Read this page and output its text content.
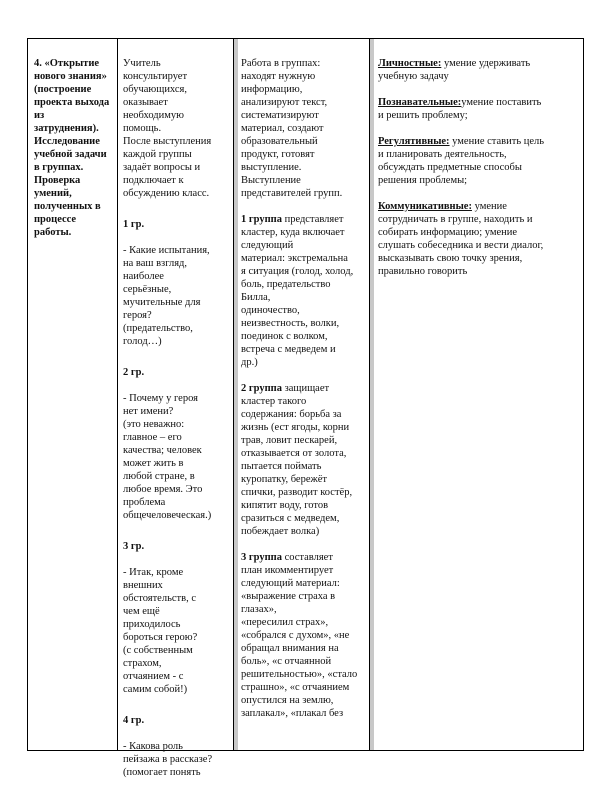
4. «Открытие
нового знания»
(построение
проекта выхода
из
затруднения).
Исследование
учебной задачи
в группах.
Проверка
умений,
полученных в
процессе
работы.

Учитель
консультирует
обучающихся,
оказывает
необходимую
помощь.
После выступления
каждой группы
задаёт вопросы и
подключает к
обсуждению класс.

1 гр.

- Какие испытания,
на ваш взгляд,
наиболее
серьёзные,
мучительные для
героя?
(предательство,
голод…)

2 гр.

- Почему у героя
нет имени?
(это неважно:
главное – его
качества; человек
может жить в
любой стране, в
любое время. Это
проблема
общечеловеческая.)

3 гр.

- Итак, кроме
внешних
обстоятельств, с
чем ещё
приходилось
бороться герою?
(с собственным
страхом,
отчаянием - с
самим собой!)

4 гр.

- Какова роль
пейзажа в рассказе?
(помогает понять

Работа в группах:
находят нужную
информацию,
анализируют текст,
систематизируют
материал, создают
образовательный
продукт, готовят
выступление.
Выступление
представителей групп.

1 группа представляет
кластер, куда включает
следующий
материал: экстремальна
я ситуация (голод, холод,
боль, предательство
Билла,
одиночество,
неизвестность, волки,
поединок с волком,
встреча с медведем и
др.)

2 группа защищает
кластер такого
содержания: борьба за
жизнь (ест ягоды, корни
трав, ловит пескарей,
отказывается от золота,
пытается поймать
куропатку, бережёт
спички, разводит костёр,
кипятит воду, готов
сразиться с медведем,
побеждает волка)

3 группа составляет
план икомментирует
следующий материал:
«выражение страха в
глазах»,
«пересилил страх»,
«собрался с духом», «не
обращал внимания на
боль», «с отчаянной
решительностью», «стало
страшно», «с отчаянием
опустился на землю,
заплакал», «плакал без

Личностные: умение удерживать
учебную задачу

Познавательные:умение поставить
и решить проблему;

Регулятивные: умение ставить цель
и планировать деятельность,
обсуждать предметные способы
решения проблемы;

Коммуникативные: умение
сотрудничать в группе, находить и
собирать информацию; умение
слушать собеседника и вести диалог,
высказывать свою точку зрения,
правильно говорить
